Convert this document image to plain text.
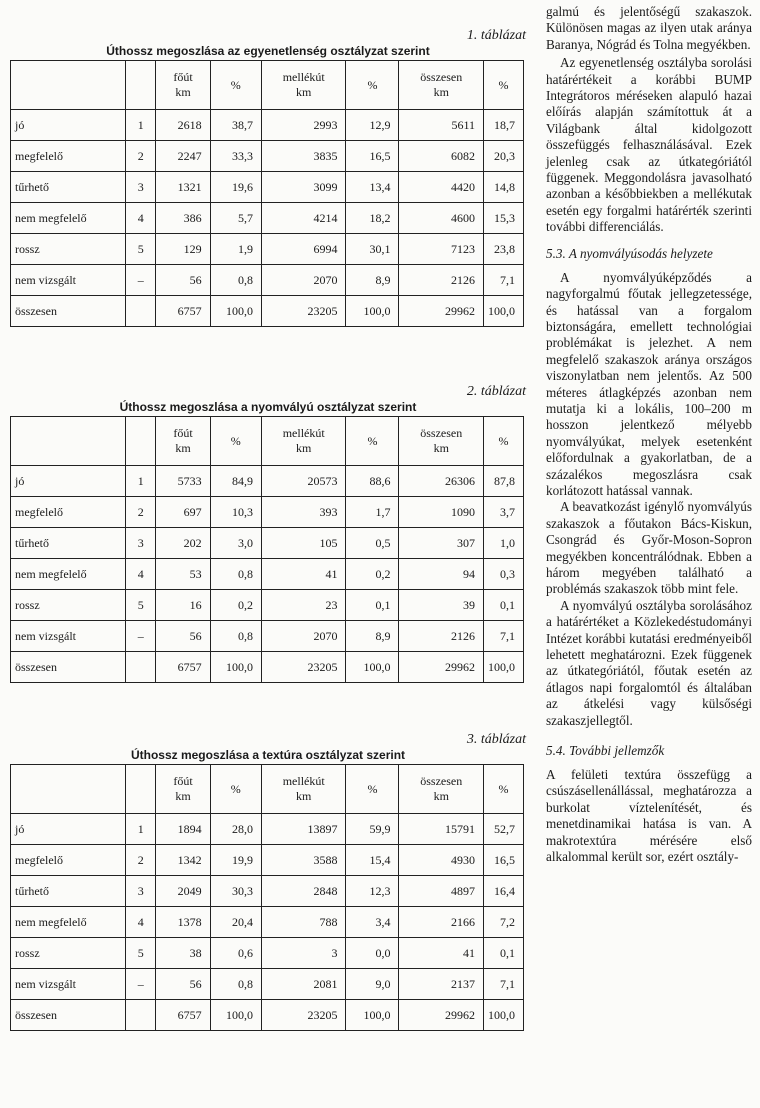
1. táblázat
Úthossz megoszlása az egyenetlenség osztályzat szerint
		főút km	%	mellékút km	%	összesen km	%
jó	1	2618	38,7	2993	12,9	5611	18,7
megfelelő	2	2247	33,3	3835	16,5	6082	20,3
tűrhető	3	1321	19,6	3099	13,4	4420	14,8
nem megfelelő	4	386	5,7	4214	18,2	4600	15,3
rossz	5	129	1,9	6994	30,1	7123	23,8
nem vizsgált	–	56	0,8	2070	8,9	2126	7,1
összesen		6757	100,0	23205	100,0	29962	100,0
2. táblázat
Úthossz megoszlása a nyomvályú osztályzat szerint
		főút km	%	mellékút km	%	összesen km	%
jó	1	5733	84,9	20573	88,6	26306	87,8
megfelelő	2	697	10,3	393	1,7	1090	3,7
tűrhető	3	202	3,0	105	0,5	307	1,0
nem megfelelő	4	53	0,8	41	0,2	94	0,3
rossz	5	16	0,2	23	0,1	39	0,1
nem vizsgált	–	56	0,8	2070	8,9	2126	7,1
összesen		6757	100,0	23205	100,0	29962	100,0
3. táblázat
Úthossz megoszlása a textúra osztályzat szerint
		főút km	%	mellékút km	%	összesen km	%
jó	1	1894	28,0	13897	59,9	15791	52,7
megfelelő	2	1342	19,9	3588	15,4	4930	16,5
tűrhető	3	2049	30,3	2848	12,3	4897	16,4
nem megfelelő	4	1378	20,4	788	3,4	2166	7,2
rossz	5	38	0,6	3	0,0	41	0,1
nem vizsgált	–	56	0,8	2081	9,0	2137	7,1
összesen		6757	100,0	23205	100,0	29962	100,0

galmú és jelentőségű szakaszok. Különösen magas az ilyen utak aránya Baranya, Nógrád és Tolna megyékben.

Az egyenetlenség osztályba sorolási határértékeit a korábbi BUMP Integrátoros méréseken alapuló hazai előírás alapján számítottuk át a Világbank által kidolgozott összefüggés felhasználásával. Ezek jelenleg csak az útkategóriától függenek. Meggondolásra javasolható azonban a későbbiekben a mellékutak esetén egy forgalmi határérték szerinti további differenciálás.

5.3. A nyomvályúsodás helyzete

A nyomvályúképződés a nagyforgalmú főutak jellegzetessége, és hatással van a forgalom biztonságára, emellett technológiai problémákat is jelezhet. A nem megfelelő szakaszok aránya országos viszonylatban nem jelentős. Az 500 méteres átlagképzés azonban nem mutatja ki a lokális, 100–200 m hosszon jelentkező mélyebb nyomvályúkat, melyek esetenként előfordulnak a gyakorlatban, de a százalékos megoszlásra csak korlátozott hatással vannak.

A beavatkozást igénylő nyomvályús szakaszok a főutakon Bács-Kiskun, Csongrád és Győr-Moson-Sopron megyékben koncentrálódnak. Ebben a három megyében található a problémás szakaszok több mint fele.

A nyomvályú osztályba sorolásához a határértéket a Közlekedéstudományi Intézet korábbi kutatási eredményeiből lehetett meghatározni. Ezek függenek az útkategóriától, főutak esetén az átlagos napi forgalomtól és általában az átkelési vagy külsőségi szakaszjellegtől.

5.4. További jellemzők

A felületi textúra összefügg a csúszásellenállással, meghatározza a burkolat víztelenítését, és menetdinamikai hatása is van. A makrotextúra mérésére első alkalommal került sor, ezért osztály-
